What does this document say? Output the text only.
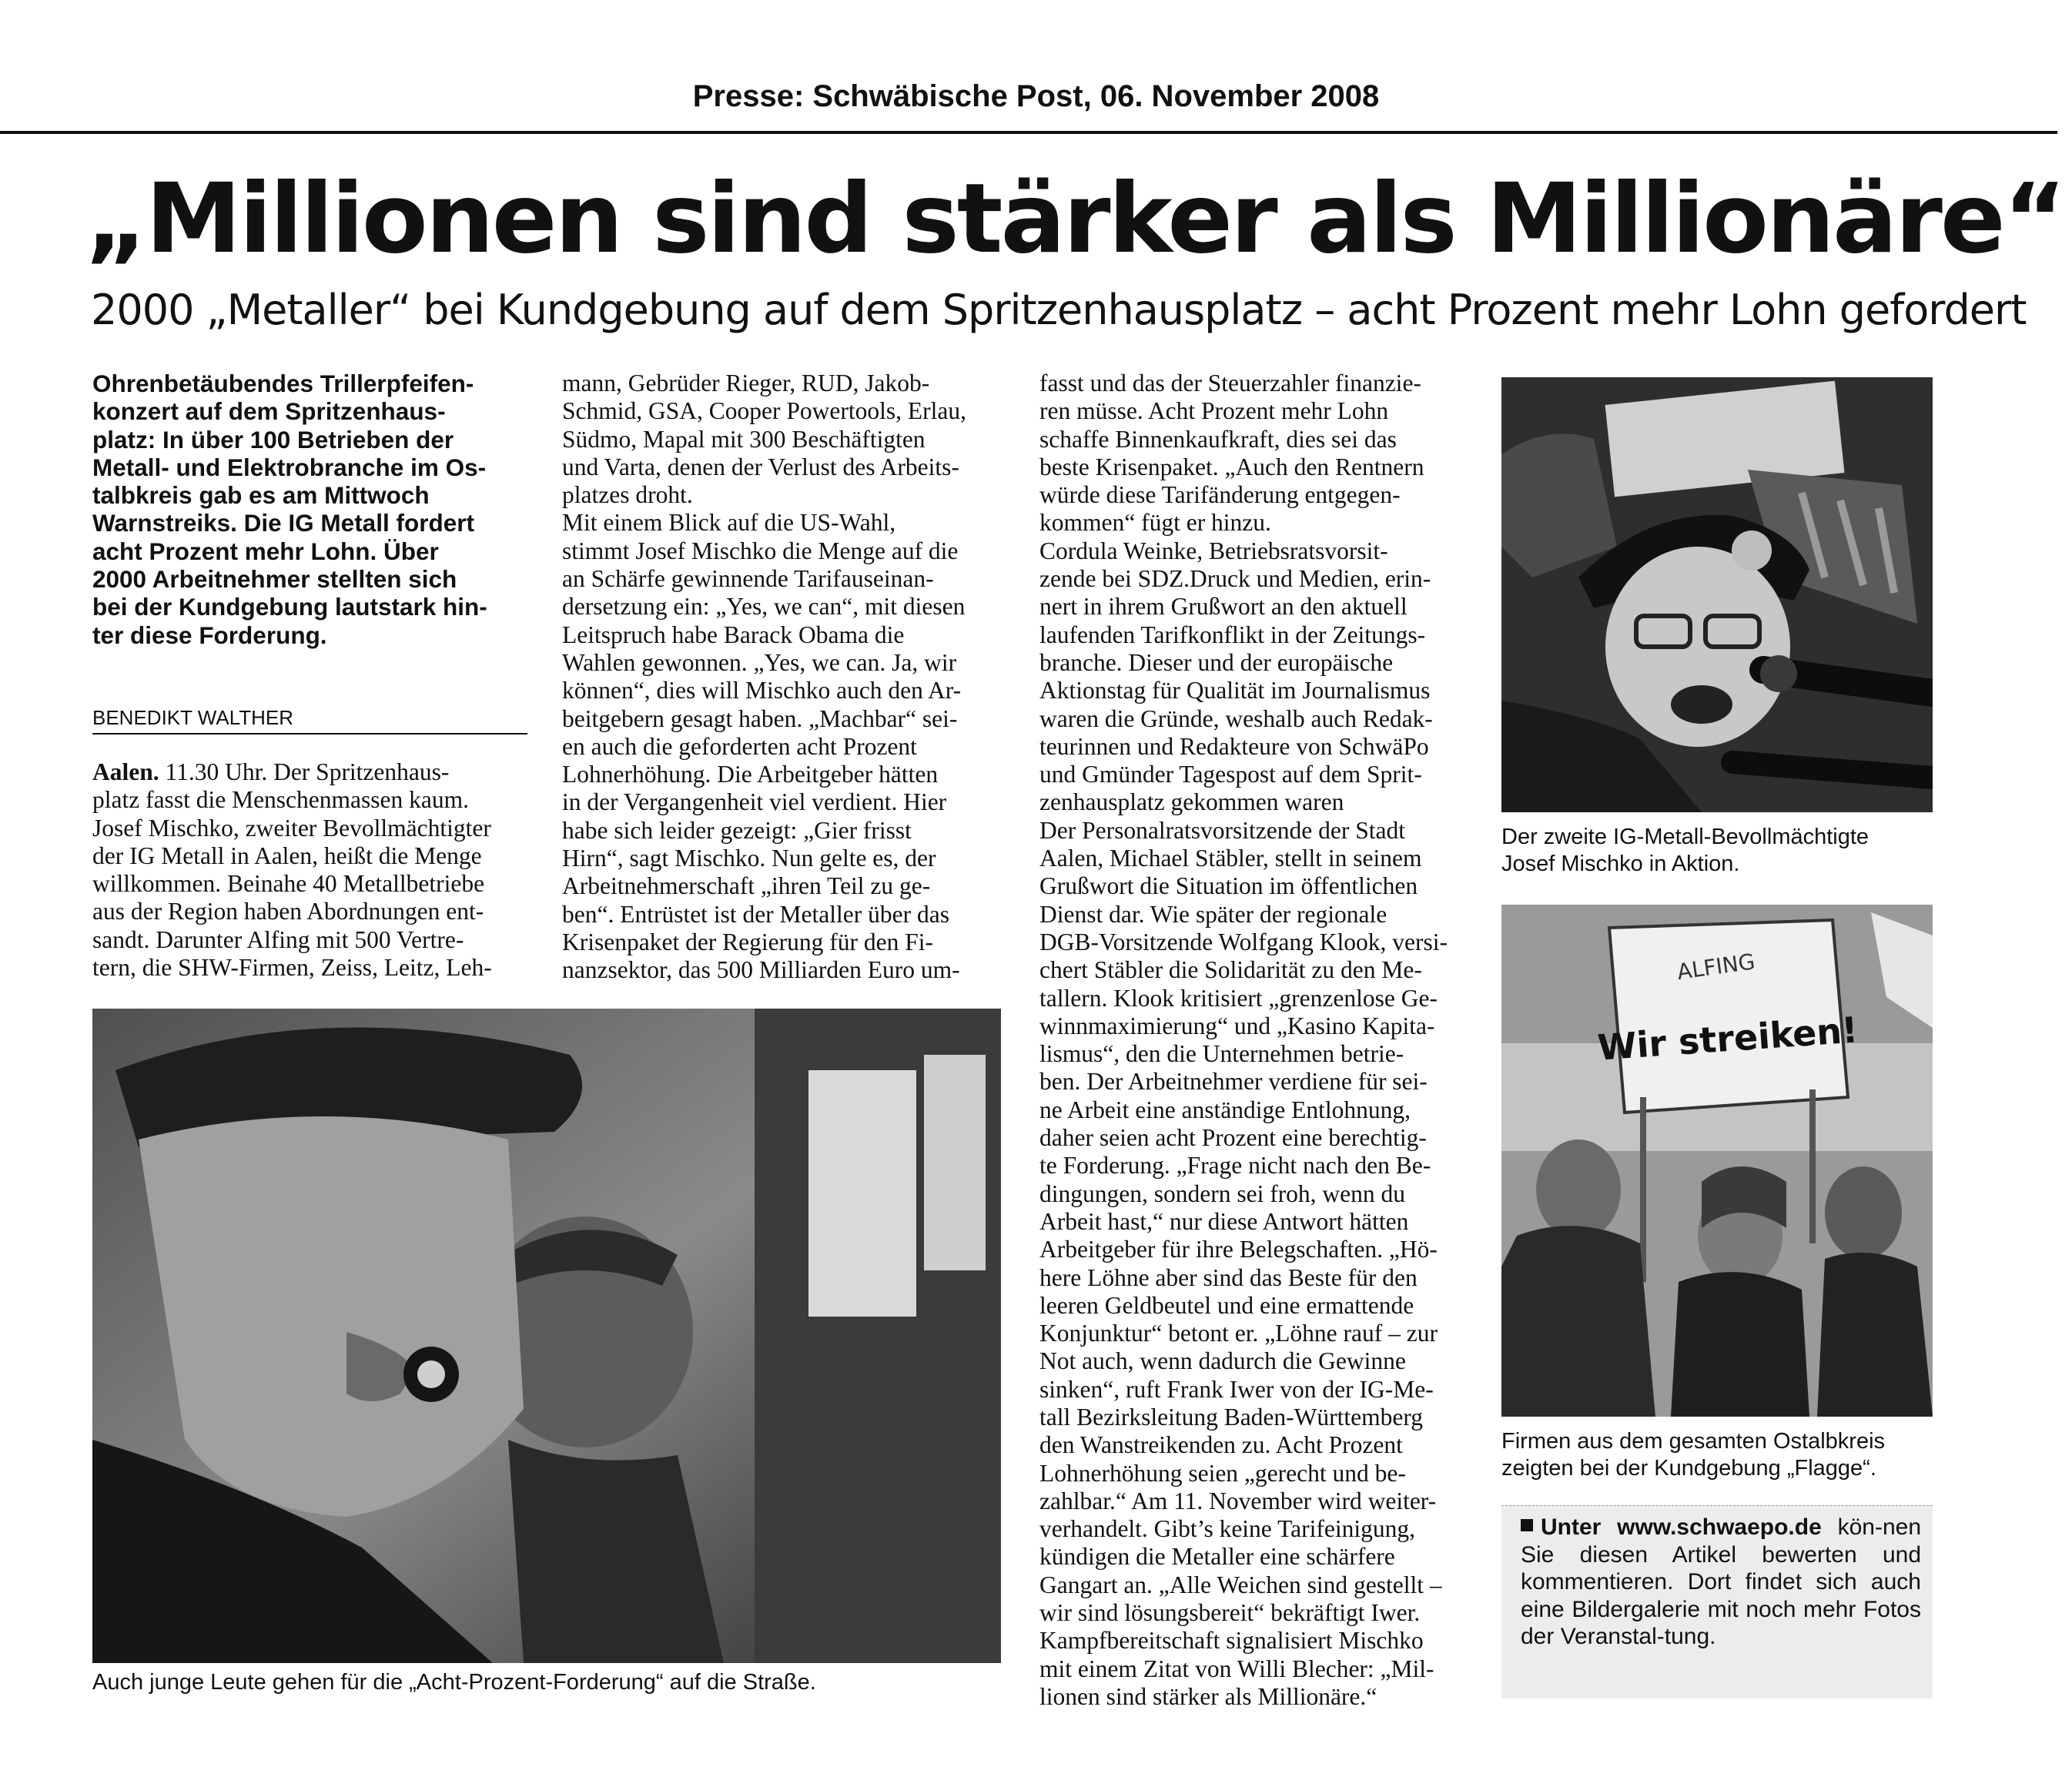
Presse: Schwäbische Post, 06. November 2008
„Millionen sind stärker als Millionäre“
2000 „Metaller“ bei Kundgebung auf dem Spritzenhausplatz – acht Prozent mehr Lohn gefordert
Ohrenbetäubendes Trillerpfeifen-
konzert auf dem Spritzenhaus-
platz: In über 100 Betrieben der
Metall- und Elektrobranche im Os-
talbkreis gab es am Mittwoch
Warnstreiks. Die IG Metall fordert
acht Prozent mehr Lohn. Über
2000 Arbeitnehmer stellten sich
bei der Kundgebung lautstark hin-
ter diese Forderung.
BENEDIKT WALTHER
Aalen. 11.30 Uhr. Der Spritzenhaus-
platz fasst die Menschenmassen kaum.
Josef Mischko, zweiter Bevollmächtigter
der IG Metall in Aalen, heißt die Menge
willkommen. Beinahe 40 Metallbetriebe
aus der Region haben Abordnungen ent-
sandt. Darunter Alfing mit 500 Vertre-
tern, die SHW-Firmen, Zeiss, Leitz, Leh-
mann, Gebrüder Rieger, RUD, Jakob-
Schmid, GSA, Cooper Powertools, Erlau,
Südmo, Mapal mit 300 Beschäftigten
und Varta, denen der Verlust des Arbeits-
platzes droht.
Mit einem Blick auf die US-Wahl,
stimmt Josef Mischko die Menge auf die
an Schärfe gewinnende Tarifauseinan-
dersetzung ein: „Yes, we can“, mit diesen
Leitspruch habe Barack Obama die
Wahlen gewonnen. „Yes, we can. Ja, wir
können“, dies will Mischko auch den Ar-
beitgebern gesagt haben. „Machbar“ sei-
en auch die geforderten acht Prozent
Lohnerhöhung. Die Arbeitgeber hätten
in der Vergangenheit viel verdient. Hier
habe sich leider gezeigt: „Gier frisst
Hirn“, sagt Mischko. Nun gelte es, der
Arbeitnehmerschaft „ihren Teil zu ge-
ben“. Entrüstet ist der Metaller über das
Krisenpaket der Regierung für den Fi-
nanzsektor, das 500 Milliarden Euro um-
fasst und das der Steuerzahler finanzie-
ren müsse. Acht Prozent mehr Lohn
schaffe Binnenkaufkraft, dies sei das
beste Krisenpaket. „Auch den Rentnern
würde diese Tarifänderung entgegen-
kommen“ fügt er hinzu.
Cordula Weinke, Betriebsratsvorsit-
zende bei SDZ.Druck und Medien, erin-
nert in ihrem Grußwort an den aktuell
laufenden Tarifkonflikt in der Zeitungs-
branche. Dieser und der europäische
Aktionstag für Qualität im Journalismus
waren die Gründe, weshalb auch Redak-
teurinnen und Redakteure von SchwäPo
und Gmünder Tagespost auf dem Sprit-
zenhausplatz gekommen waren
Der Personalratsvorsitzende der Stadt
Aalen, Michael Stäbler, stellt in seinem
Grußwort die Situation im öffentlichen
Dienst dar. Wie später der regionale
DGB-Vorsitzende Wolfgang Klook, versi-
chert Stäbler die Solidarität zu den Me-
tallern. Klook kritisiert „grenzenlose Ge-
winnmaximierung“ und „Kasino Kapita-
lismus“, den die Unternehmen betrie-
ben. Der Arbeitnehmer verdiene für sei-
ne Arbeit eine anständige Entlohnung,
daher seien acht Prozent eine berechtig-
te Forderung. „Frage nicht nach den Be-
dingungen, sondern sei froh, wenn du
Arbeit hast,“ nur diese Antwort hätten
Arbeitgeber für ihre Belegschaften. „Hö-
here Löhne aber sind das Beste für den
leeren Geldbeutel und eine ermattende
Konjunktur“ betont er. „Löhne rauf – zur
Not auch, wenn dadurch die Gewinne
sinken“, ruft Frank Iwer von der IG-Me-
tall Bezirksleitung Baden-Württemberg
den Wanstreikenden zu. Acht Prozent
Lohnerhöhung seien „gerecht und be-
zahlbar.“ Am 11. November wird weiter-
verhandelt. Gibt’s keine Tarifeinigung,
kündigen die Metaller eine schärfere
Gangart an. „Alle Weichen sind gestellt –
wir sind lösungsbereit“ bekräftigt Iwer.
Kampfbereitschaft signalisiert Mischko
mit einem Zitat von Willi Blecher: „Mil-
lionen sind stärker als Millionäre.“
Auch junge Leute gehen für die „Acht-Prozent-Forderung“ auf die Straße.
Der zweite IG-Metall-Bevollmächtigte
Josef Mischko in Aktion.
Wir streiken!
ALFING
Firmen aus dem gesamten Ostalbkreis
zeigten bei der Kundgebung „Flagge“.
Unter www.schwaepo.de kön-nen Sie diesen Artikel bewerten und kommentieren. Dort findet sich auch eine Bildergalerie mit noch mehr Fotos der Veranstal-tung.
